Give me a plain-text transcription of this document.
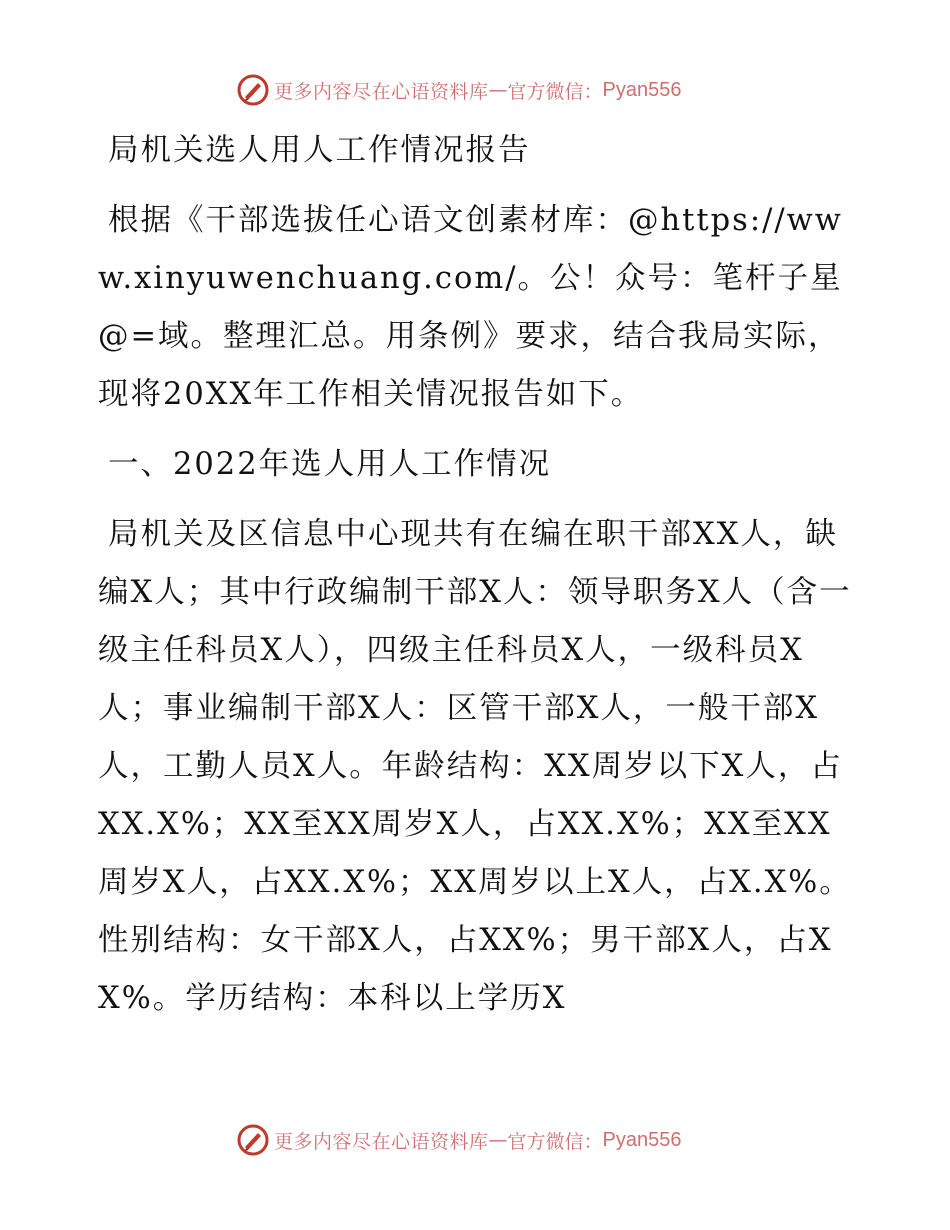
更多内容尽在心语资料库 — 官方微信： Pyan556

局机关选人用人工作情况报告

根据《干部选拔任心语文创素材库：@https://www.xinyuwenchuang.com/。公！众号：笔杆子星@=域。整理汇总。用条例》要求，结合我局实际，现将20XX年工作相关情况报告如下。

一、2022年选人用人工作情况

局机关及区信息中心现共有在编在职干部XX人，缺编X人；其中行政编制干部X人：领导职务X人（含一级主任科员X人），四级主任科员X人，一级科员X人；事业编制干部X人：区管干部X人，一般干部X人，工勤人员X人。年龄结构：XX周岁以下X人，占XX.X%；XX至XX周岁X人，占XX.X%；XX至XX周岁X人，占XX.X%；XX周岁以上X人，占X.X%。性别结构：女干部X人，占XX%；男干部X人，占XX%。学历结构：本科以上学历X

更多内容尽在心语资料库 — 官方微信： Pyan556
